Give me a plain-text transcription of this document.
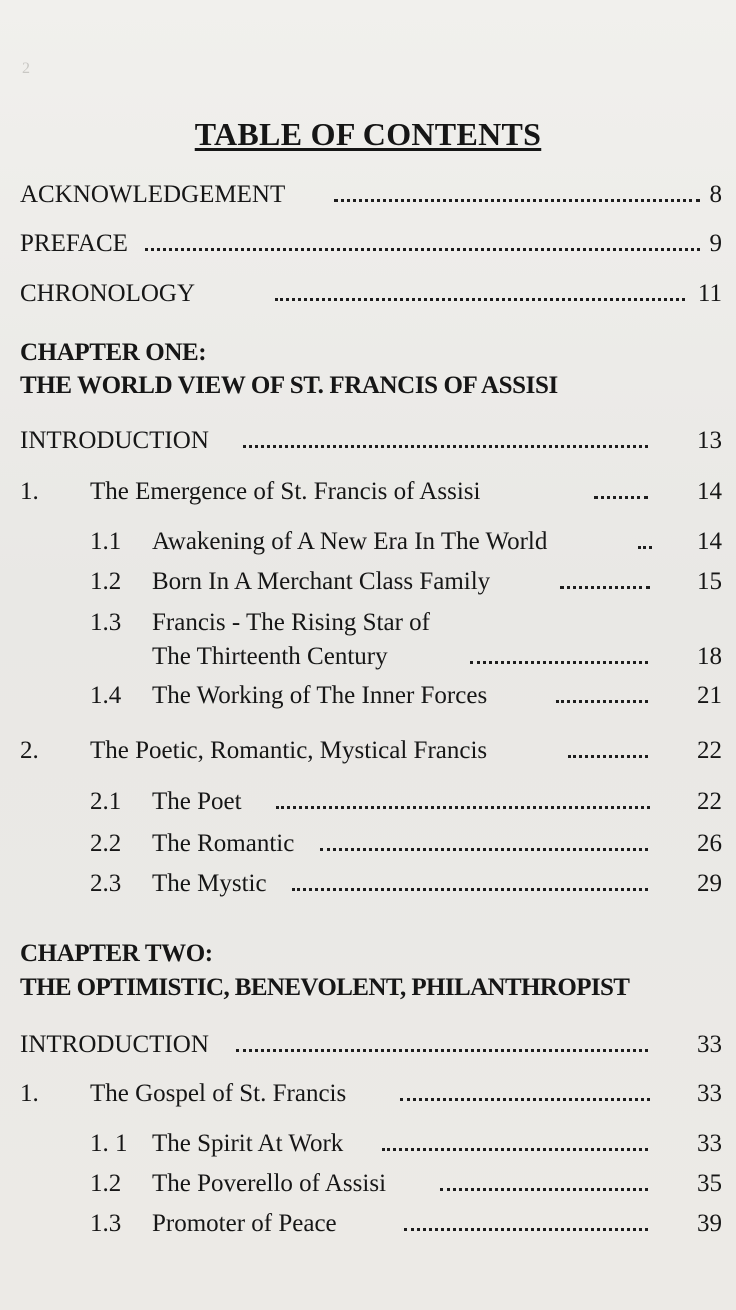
2
TABLE OF CONTENTS
ACKNOWLEDGEMENT	8
PREFACE	9
CHRONOLOGY	11
CHAPTER ONE:
THE WORLD VIEW OF ST. FRANCIS OF ASSISI
INTRODUCTION	13
1. The Emergence of St. Francis of Assisi	14
1.1 Awakening of A New Era In The World	14
1.2 Born In A Merchant Class Family	15
1.3 Francis - The Rising Star of
The Thirteenth Century	18
1.4 The Working of The Inner Forces	21
2. The Poetic, Romantic, Mystical Francis	22
2.1 The Poet	22
2.2 The Romantic	26
2.3 The Mystic	29
CHAPTER TWO:
THE OPTIMISTIC, BENEVOLENT, PHILANTHROPIST
INTRODUCTION	33
1. The Gospel of St. Francis	33
1. 1 The Spirit At Work	33
1.2 The Poverello of Assisi	35
1.3 Promoter of Peace	39
